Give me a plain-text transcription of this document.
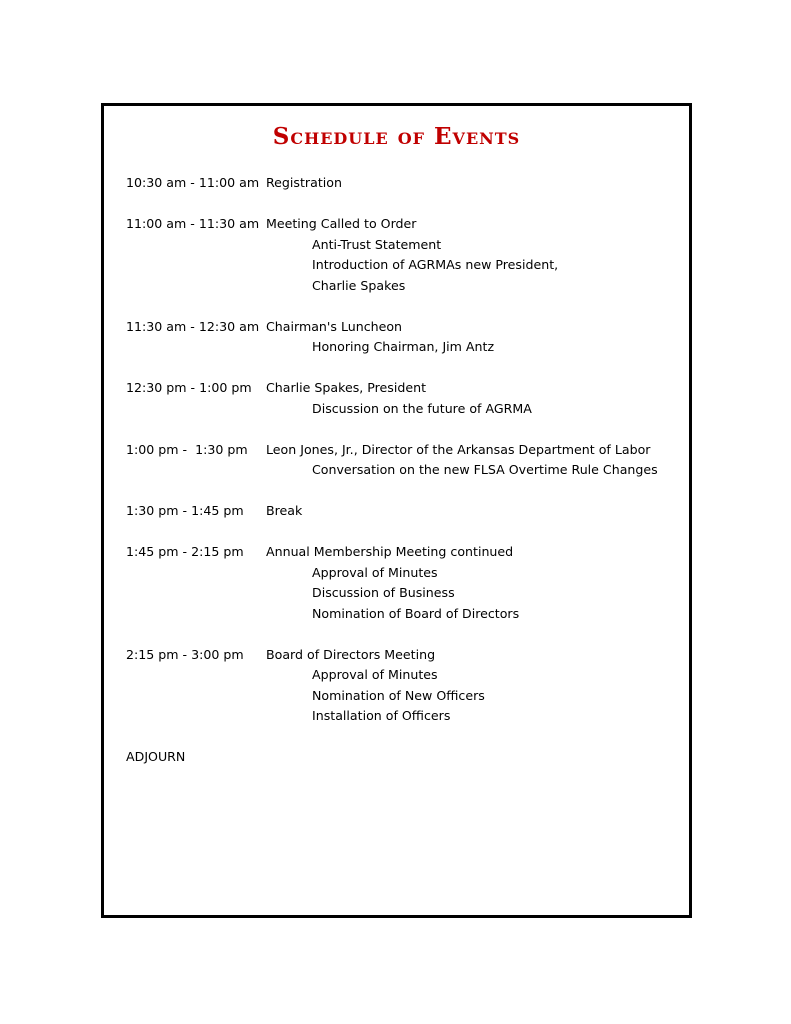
Schedule of Events
10:30 am - 11:00 am Registration
11:00 am - 11:30 am Meeting Called to Order
Anti-Trust Statement
Introduction of AGRMAs new President,
Charlie Spakes
11:30 am - 12:30 am Chairman's Luncheon
Honoring Chairman, Jim Antz
12:30 pm - 1:00 pm Charlie Spakes, President
Discussion on the future of AGRMA
1:00 pm -  1:30 pm Leon Jones, Jr., Director of the Arkansas Department of Labor
Conversation on the new FLSA Overtime Rule Changes
1:30 pm - 1:45 pm Break
1:45 pm - 2:15 pm Annual Membership Meeting continued
Approval of Minutes
Discussion of Business
Nomination of Board of Directors
2:15 pm - 3:00 pm Board of Directors Meeting
Approval of Minutes
Nomination of New Officers
Installation of Officers
ADJOURN
